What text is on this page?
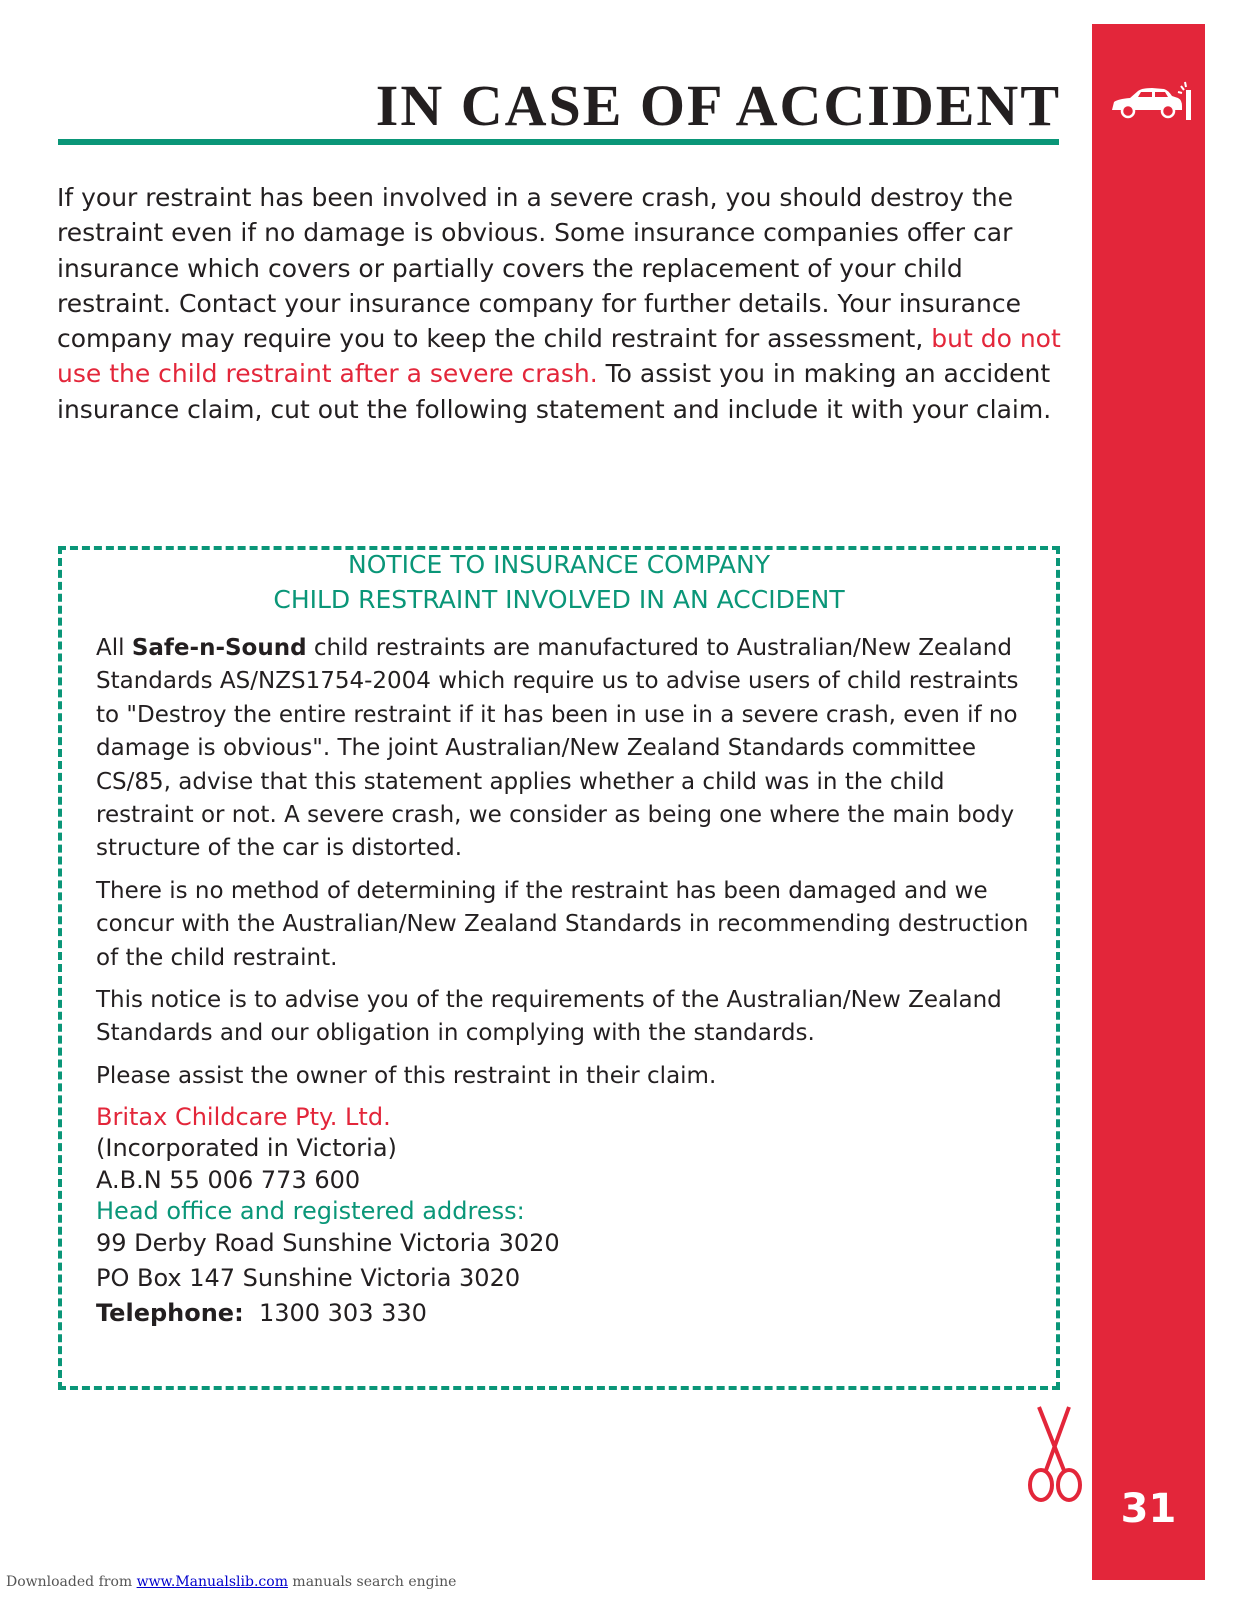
31
IN CASE OF ACCIDENT

If your restraint has been involved in a severe crash, you should destroy the restraint even if no damage is obvious. Some insurance companies offer car insurance which covers or partially covers the replacement of your child restraint. Contact your insurance company for further details. Your insurance company may require you to keep the child restraint for assessment, but do not use the child restraint after a severe crash. To assist you in making an accident insurance claim, cut out the following statement and include it with your claim.

NOTICE TO INSURANCE COMPANY
CHILD RESTRAINT INVOLVED IN AN ACCIDENT

All Safe-n-Sound child restraints are manufactured to Australian/New Zealand Standards AS/NZS1754-2004 which require us to advise users of child restraints to "Destroy the entire restraint if it has been in use in a severe crash, even if no damage is obvious". The joint Australian/New Zealand Standards committee CS/85, advise that this statement applies whether a child was in the child restraint or not. A severe crash, we consider as being one where the main body structure of the car is distorted.

There is no method of determining if the restraint has been damaged and we concur with the Australian/New Zealand Standards in recommending destruction of the child restraint.

This notice is to advise you of the requirements of the Australian/New Zealand Standards and our obligation in complying with the standards.

Please assist the owner of this restraint in their claim.

Britax Childcare Pty. Ltd.
(Incorporated in Victoria)
A.B.N 55 006 773 600
Head office and registered address:
99 Derby Road Sunshine Victoria 3020
PO Box 147 Sunshine Victoria 3020
Telephone:  1300 303 330
Downloaded from www.Manualslib.com manuals search engine
